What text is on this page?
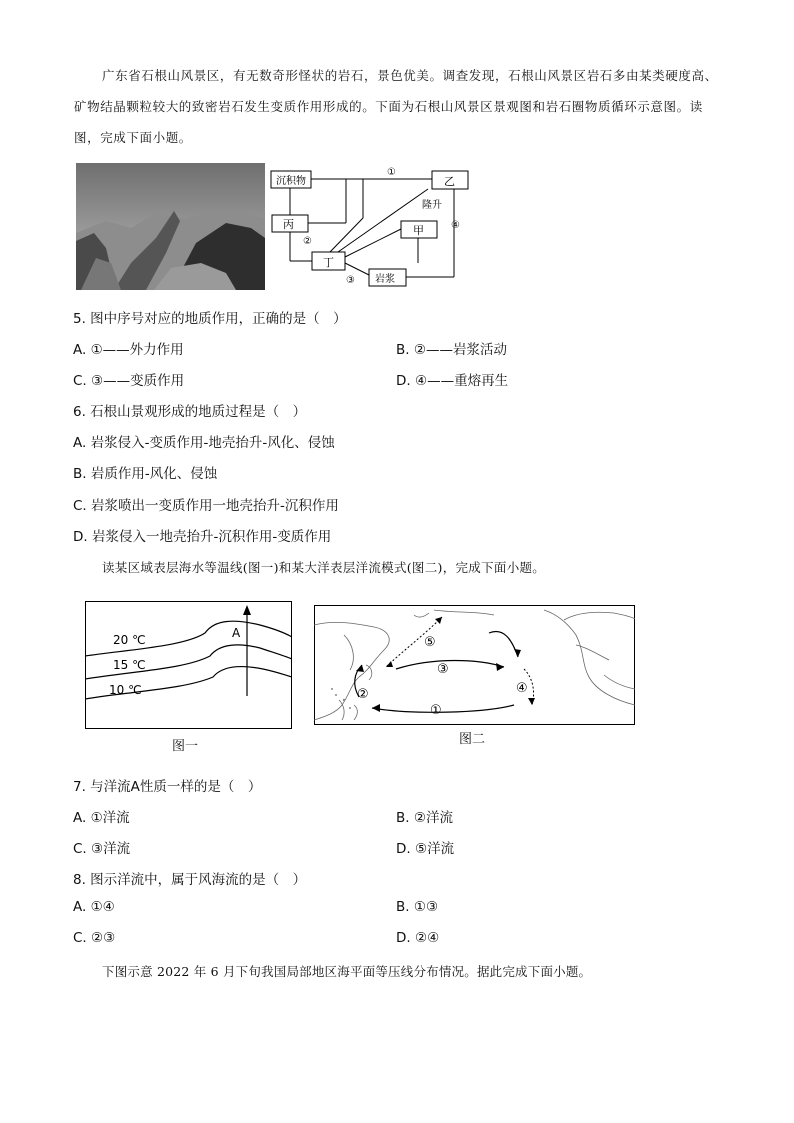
广东省石根山风景区，有无数奇形怪状的岩石，景色优美。调查发现，石根山风景区岩石多由某类硬度高、矿物结晶颗粒较大的致密岩石发生变质作用形成的。下面为石根山风景区景观图和岩石圈物质循环示意图。读图，完成下面小题。
沉积物	乙
丙	甲
丁
岩浆
隆升
①
②
③
④
5. 图中序号对应的地质作用，正确的是（　）
A. ①——外力作用	B. ②——岩浆活动
C. ③——变质作用	D. ④——重熔再生
6. 石根山景观形成的地质过程是（　）
A. 岩浆侵入-变质作用-地壳抬升-风化、侵蚀
B. 岩质作用-风化、侵蚀
C. 岩浆喷出一变质作用一地壳抬升-沉积作用
D. 岩浆侵入一地壳抬升-沉积作用-变质作用
读某区域表层海水等温线(图一)和某大洋表层洋流模式(图二)，完成下面小题。
20 ℃
15 ℃
10 ℃
A
图一
①
②
③
④
⑤
图二
7. 与洋流A性质一样的是（　）
A. ①洋流	B. ②洋流
C. ③洋流	D. ⑤洋流
8. 图示洋流中，属于风海流的是（　）
A. ①④	B. ①③
C. ②③	D. ②④
下图示意 2022 年 6 月下旬我国局部地区海平面等压线分布情况。据此完成下面小题。
